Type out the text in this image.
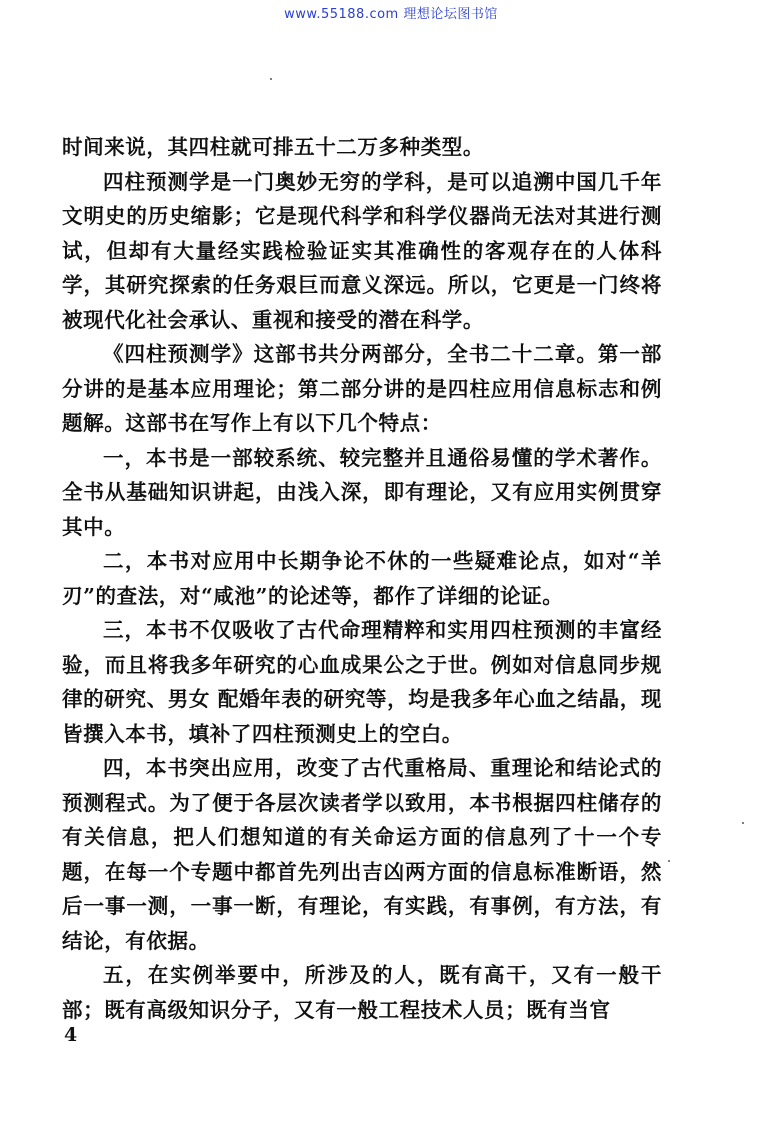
www.55188.com 理想论坛图书馆

时间来说，其四柱就可排五十二万多种类型。

四柱预测学是一门奥妙无穷的学科，是可以追溯中国几千年文明史的历史缩影；它是现代科学和科学仪器尚无法对其进行测试，但却有大量经实践检验证实其准确性的客观存在的人体科学，其研究探索的任务艰巨而意义深远。所以，它更是一门终将被现代化社会承认、重视和接受的潜在科学。

《四柱预测学》这部书共分两部分，全书二十二章。第一部分讲的是基本应用理论；第二部分讲的是四柱应用信息标志和例题解。这部书在写作上有以下几个特点：

一，本书是一部较系统、较完整并且通俗易懂的学术著作。全书从基础知识讲起，由浅入深，即有理论，又有应用实例贯穿其中。

二，本书对应用中长期争论不休的一些疑难论点，如对“羊刃”的查法，对“咸池”的论述等，都作了详细的论证。

三，本书不仅吸收了古代命理精粹和实用四柱预测的丰富经验，而且将我多年研究的心血成果公之于世。例如对信息同步规律的研究、男女 配婚年表的研究等，均是我多年心血之结晶，现皆撰入本书，填补了四柱预测史上的空白。

四，本书突出应用，改变了古代重格局、重理论和结论式的预测程式。为了便于各层次读者学以致用，本书根据四柱储存的有关信息，把人们想知道的有关命运方面的信息列了十一个专题，在每一个专题中都首先列出吉凶两方面的信息标准断语，然后一事一测，一事一断，有理论，有实践，有事例，有方法，有结论，有依据。

五，在实例举要中，所涉及的人，既有高干，又有一般干部；既有高级知识分子，又有一般工程技术人员；既有当官

4
